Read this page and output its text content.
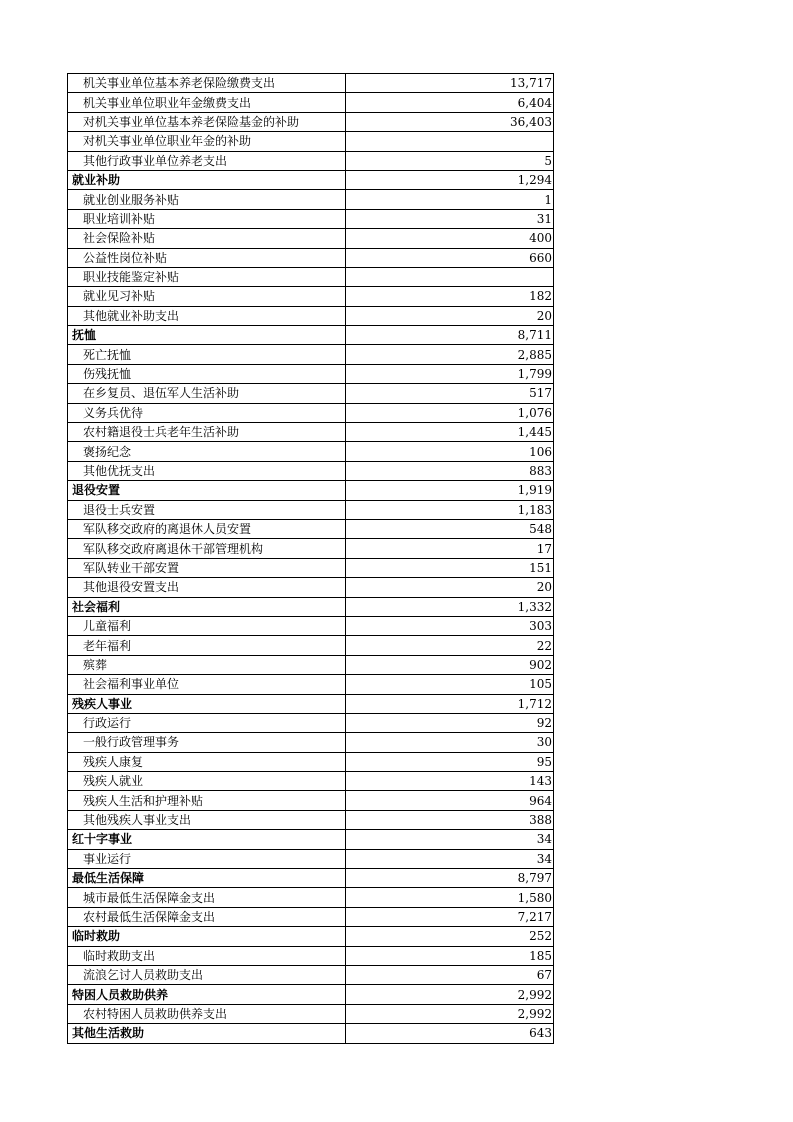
机关事业单位基本养老保险缴费支出	13,717
机关事业单位职业年金缴费支出	6,404
对机关事业单位基本养老保险基金的补助	36,403
对机关事业单位职业年金的补助	
其他行政事业单位养老支出	5
就业补助	1,294
就业创业服务补贴	1
职业培训补贴	31
社会保险补贴	400
公益性岗位补贴	660
职业技能鉴定补贴	
就业见习补贴	182
其他就业补助支出	20
抚恤	8,711
死亡抚恤	2,885
伤残抚恤	1,799
在乡复员、退伍军人生活补助	517
义务兵优待	1,076
农村籍退役士兵老年生活补助	1,445
褒扬纪念	106
其他优抚支出	883
退役安置	1,919
退役士兵安置	1,183
军队移交政府的离退休人员安置	548
军队移交政府离退休干部管理机构	17
军队转业干部安置	151
其他退役安置支出	20
社会福利	1,332
儿童福利	303
老年福利	22
殡葬	902
社会福利事业单位	105
残疾人事业	1,712
行政运行	92
一般行政管理事务	30
残疾人康复	95
残疾人就业	143
残疾人生活和护理补贴	964
其他残疾人事业支出	388
红十字事业	34
事业运行	34
最低生活保障	8,797
城市最低生活保障金支出	1,580
农村最低生活保障金支出	7,217
临时救助	252
临时救助支出	185
流浪乞讨人员救助支出	67
特困人员救助供养	2,992
农村特困人员救助供养支出	2,992
其他生活救助	643
